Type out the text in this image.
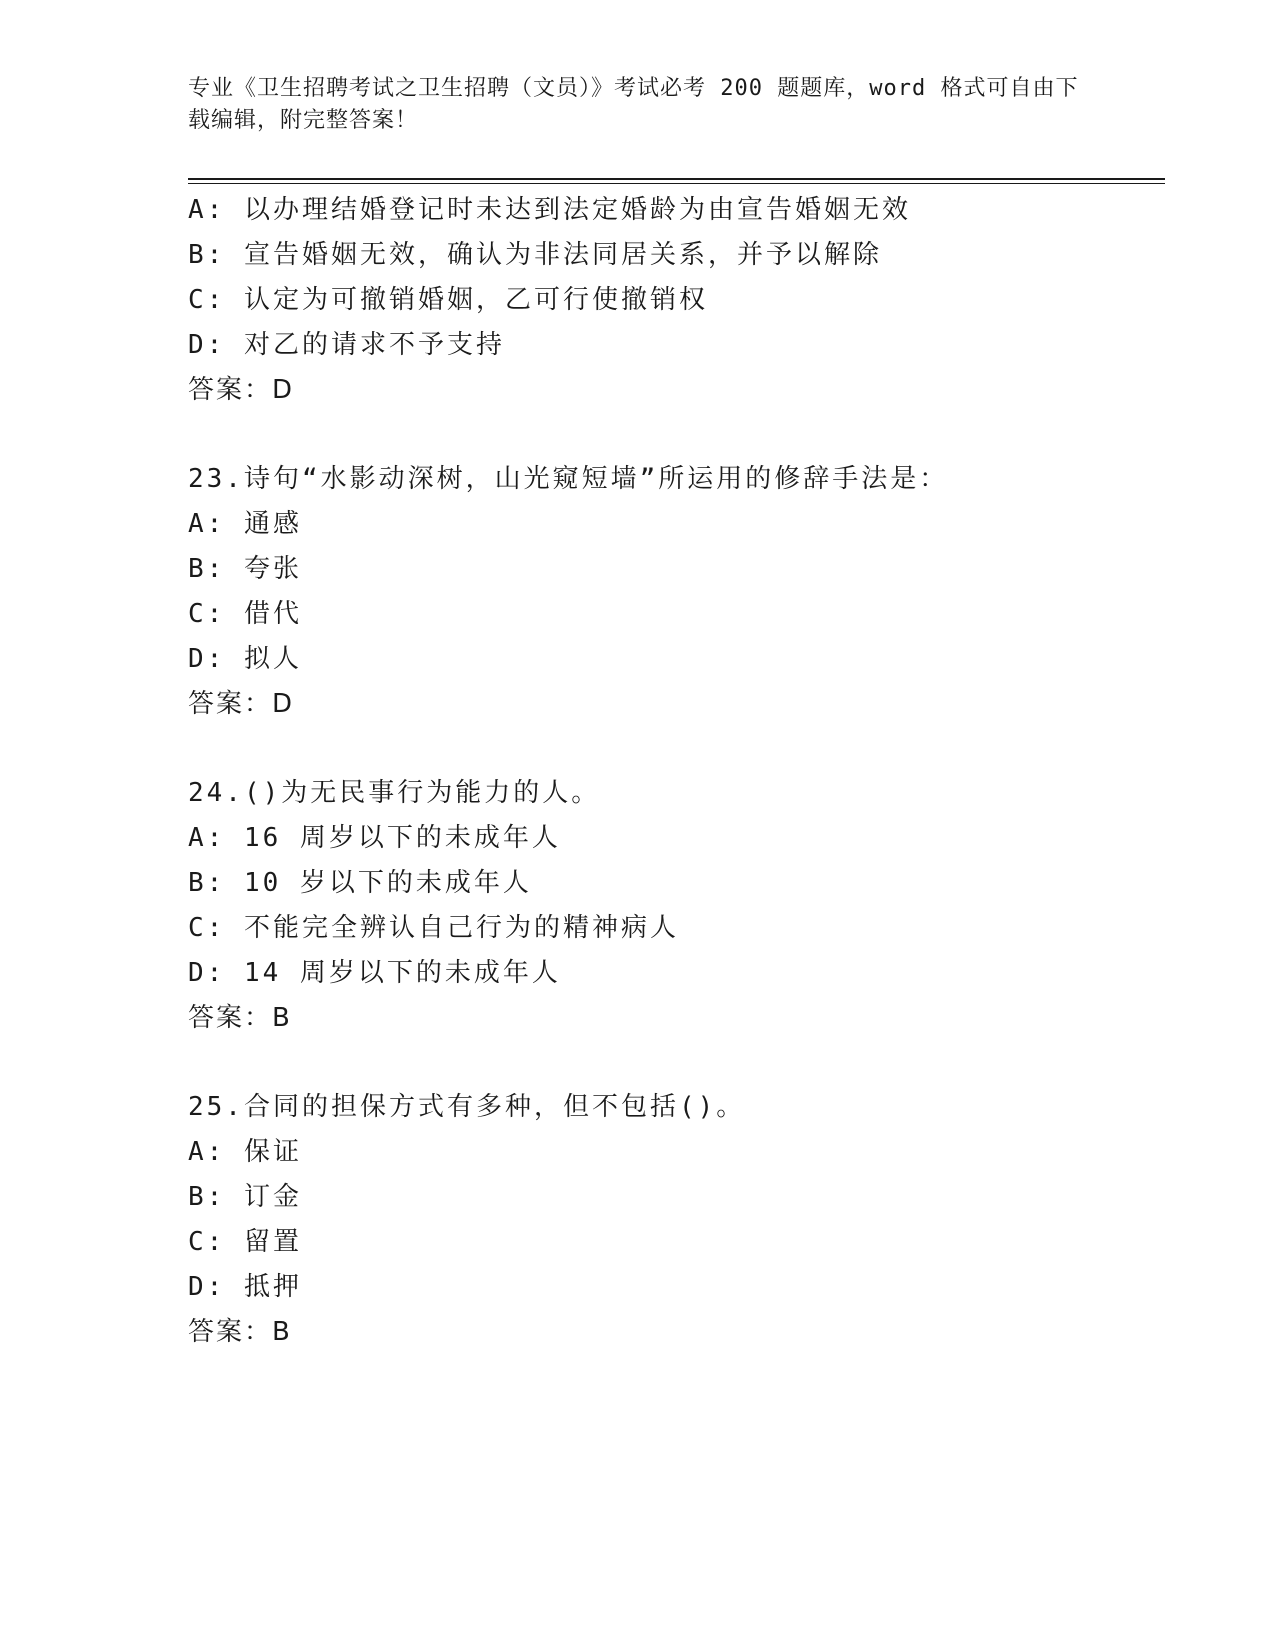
专业《卫生招聘考试之卫生招聘（文员）》考试必考 200 题题库，word 格式可自由下载编辑，附完整答案！
A: 以办理结婚登记时未达到法定婚龄为由宣告婚姻无效
B: 宣告婚姻无效，确认为非法同居关系，并予以解除
C: 认定为可撤销婚姻，乙可行使撤销权
D: 对乙的请求不予支持
答案：D
23.诗句“水影动深树，山光窥短墙”所运用的修辞手法是：
A: 通感
B: 夸张
C: 借代
D: 拟人
答案：D
24.()为无民事行为能力的人。
A: 16 周岁以下的未成年人
B: 10 岁以下的未成年人
C: 不能完全辨认自己行为的精神病人
D: 14 周岁以下的未成年人
答案：B
25.合同的担保方式有多种，但不包括()。
A: 保证
B: 订金
C: 留置
D: 抵押
答案：B
